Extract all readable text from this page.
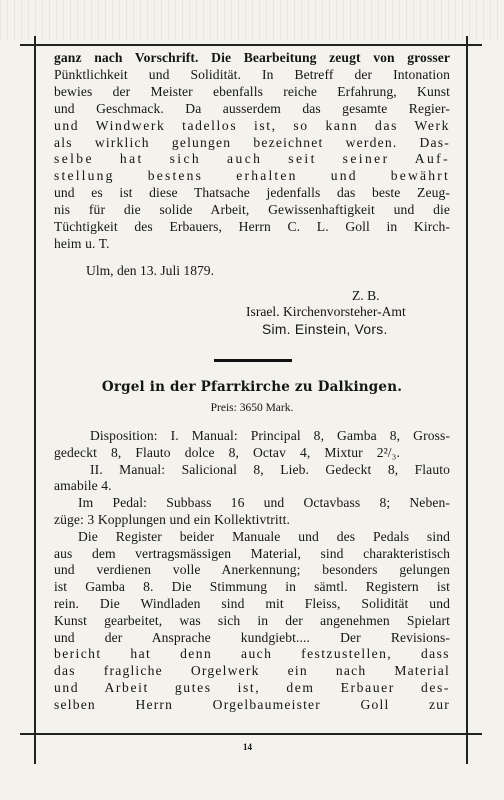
ganz nach Vorschrift. Die Bearbeitung zeugt von grosser
Pünktlichkeit und Solidität. In Betreff der Intonation
bewies der Meister ebenfalls reiche Erfahrung, Kunst
und Geschmack. Da ausserdem das gesamte Regier-
und Windwerk tadellos ist, so kann das Werk
als wirklich gelungen bezeichnet werden. Das-
selbe hat sich auch seit seiner Auf-
stellung bestens erhalten und bewährt
und es ist diese Thatsache jedenfalls das beste Zeug-
nis für die solide Arbeit, Gewissenhaftigkeit und die
Tüchtigkeit des Erbauers, Herrn C. L. Goll in Kirch-
heim u. T.
Ulm, den 13. Juli 1879.
Z. B.
Israel. Kirchenvorsteher-Amt
Sim. Einstein, Vors.
Orgel in der Pfarrkirche zu Dalkingen.
Preis: 3650 Mark.
Disposition: I. Manual: Principal 8, Gamba 8, Gross-
gedeckt 8, Flauto dolce 8, Octav 4, Mixtur 2²/₃.
II. Manual: Salicional 8, Lieb. Gedeckt 8, Flauto
amabile 4.
Im Pedal: Subbass 16 und Octavbass 8; Neben-
züge: 3 Kopplungen und ein Kollektivtritt.
Die Register beider Manuale und des Pedals sind
aus dem vertragsmässigen Material, sind charakteristisch
und verdienen volle Anerkennung; besonders gelungen
ist Gamba 8. Die Stimmung in sämtl. Registern ist
rein. Die Windladen sind mit Fleiss, Solidität und
Kunst gearbeitet, was sich in der angenehmen Spielart
und der Ansprache kundgiebt.... Der Revisions-
bericht hat denn auch festzustellen, dass
das fragliche Orgelwerk ein nach Material
und Arbeit gutes ist, dem Erbauer des-
selben Herrn Orgelbaumeister Goll zur
14
